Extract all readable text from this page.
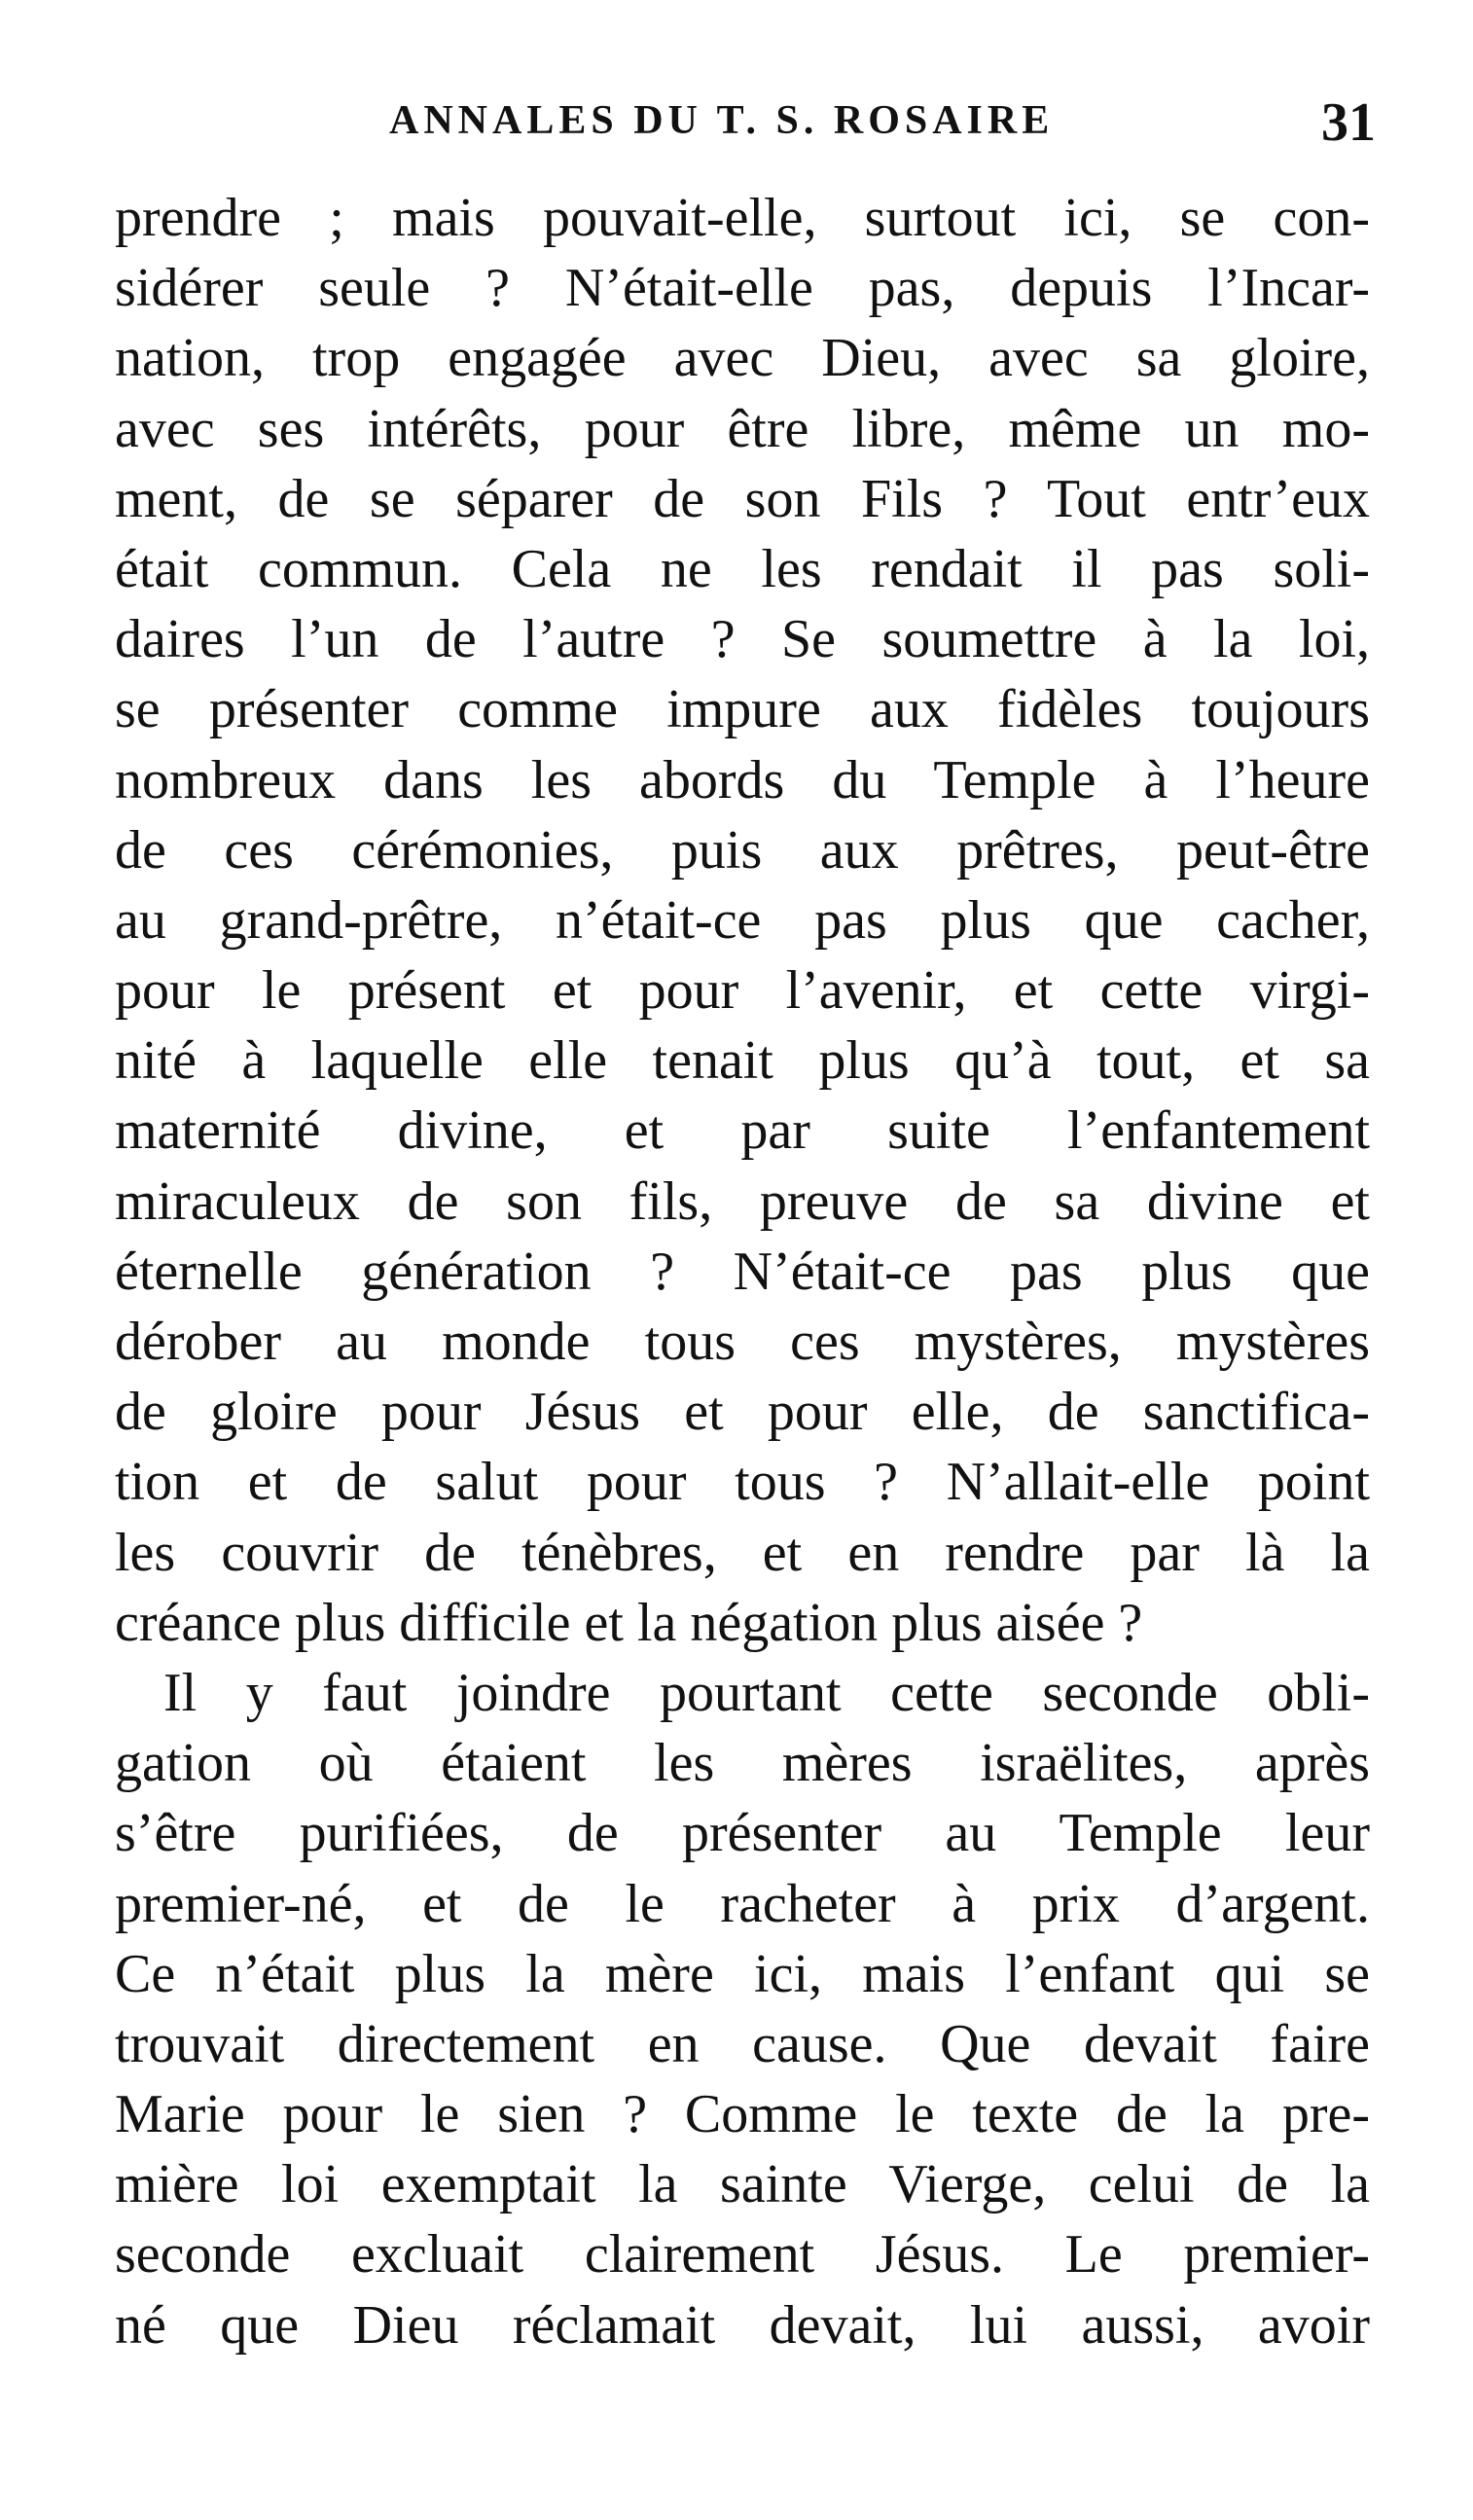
ANNALES DU T. S. ROSAIRE	31
prendre ; mais pouvait-elle, surtout ici, se con-
sidérer seule ? N’était-elle pas, depuis l’Incar-
nation, trop engagée avec Dieu, avec sa gloire,
avec ses intérêts, pour être libre, même un mo-
ment, de se séparer de son Fils ? Tout entr’eux
était commun. Cela ne les rendait il pas soli-
daires l’un de l’autre ? Se soumettre à la loi,
se présenter comme impure aux fidèles toujours
nombreux dans les abords du Temple à l’heure
de ces cérémonies, puis aux prêtres, peut-être
au grand-prêtre, n’était-ce pas plus que cacher,
pour le présent et pour l’avenir, et cette virgi-
nité à laquelle elle tenait plus qu’à tout, et sa
maternité divine, et par suite l’enfantement
miraculeux de son fils, preuve de sa divine et
éternelle génération ? N’était-ce pas plus que
dérober au monde tous ces mystères, mystères
de gloire pour Jésus et pour elle, de sanctifica-
tion et de salut pour tous ? N’allait-elle point
les couvrir de ténèbres, et en rendre par là la
créance plus difficile et la négation plus aisée ?
Il y faut joindre pourtant cette seconde obli-
gation où étaient les mères israëlites, après
s’être purifiées, de présenter au Temple leur
premier-né, et de le racheter à prix d’argent.
Ce n’était plus la mère ici, mais l’enfant qui se
trouvait directement en cause. Que devait faire
Marie pour le sien ? Comme le texte de la pre-
mière loi exemptait la sainte Vierge, celui de la
seconde excluait clairement Jésus. Le premier-
né que Dieu réclamait devait, lui aussi, avoir
